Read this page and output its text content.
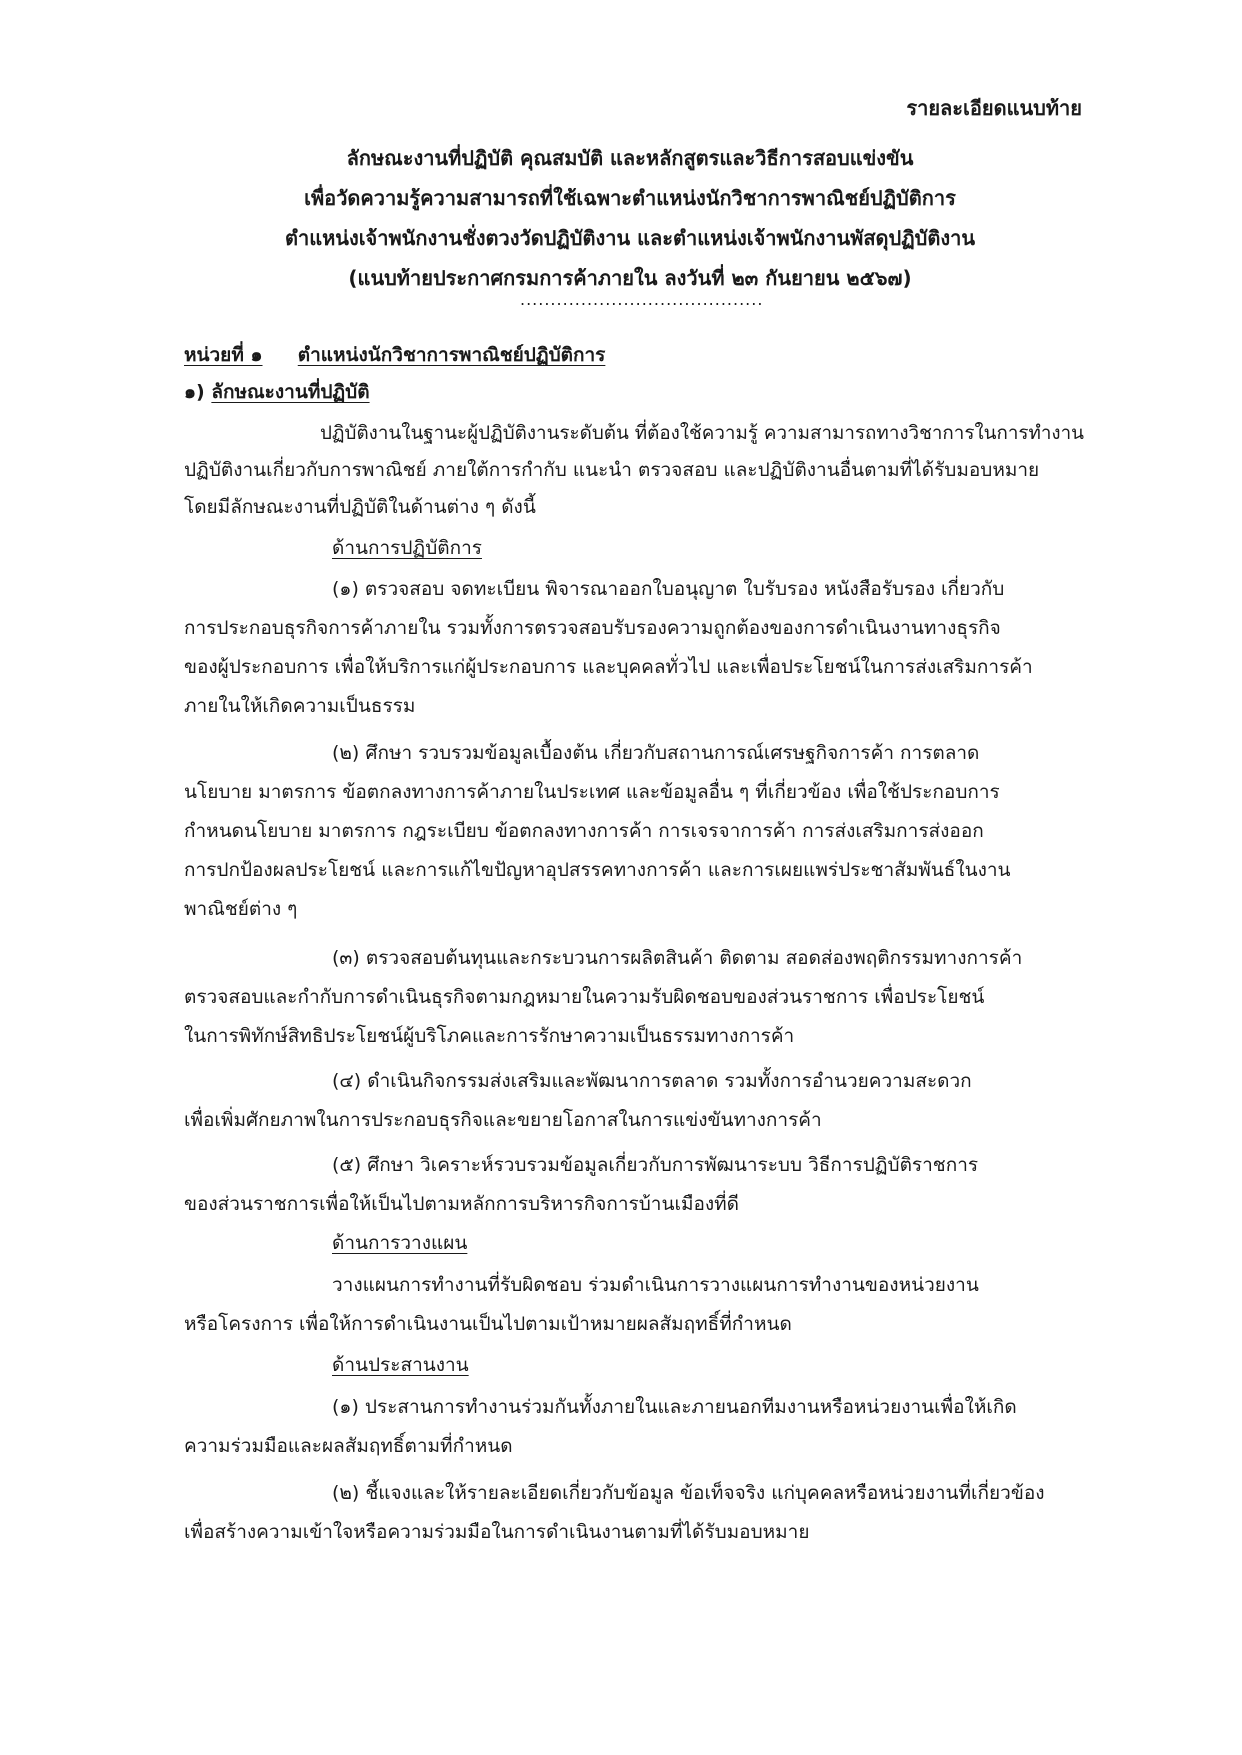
รายละเอียดแนบท้าย
ลักษณะงานที่ปฏิบัติ คุณสมบัติ และหลักสูตรและวิธีการสอบแข่งขัน
เพื่อวัดความรู้ความสามารถที่ใช้เฉพาะตำแหน่งนักวิชาการพาณิชย์ปฏิบัติการ
ตำแหน่งเจ้าพนักงานชั่งตวงวัดปฏิบัติงาน และตำแหน่งเจ้าพนักงานพัสดุปฏิบัติงาน
(แนบท้ายประกาศกรมการค้าภายใน ลงวันที่ ๒๓ กันยายน ๒๕๖๗)
........................................
หน่วยที่ ๑ ตำแหน่งนักวิชาการพาณิชย์ปฏิบัติการ
๑) ลักษณะงานที่ปฏิบัติ
ปฏิบัติงานในฐานะผู้ปฏิบัติงานระดับต้น ที่ต้องใช้ความรู้ ความสามารถทางวิชาการในการทำงาน
ปฏิบัติงานเกี่ยวกับการพาณิชย์ ภายใต้การกำกับ แนะนำ ตรวจสอบ และปฏิบัติงานอื่นตามที่ได้รับมอบหมาย
โดยมีลักษณะงานที่ปฏิบัติในด้านต่าง ๆ ดังนี้
ด้านการปฏิบัติการ
(๑) ตรวจสอบ จดทะเบียน พิจารณาออกใบอนุญาต ใบรับรอง หนังสือรับรอง เกี่ยวกับ
การประกอบธุรกิจการค้าภายใน รวมทั้งการตรวจสอบรับรองความถูกต้องของการดำเนินงานทางธุรกิจ
ของผู้ประกอบการ เพื่อให้บริการแก่ผู้ประกอบการ และบุคคลทั่วไป และเพื่อประโยชน์ในการส่งเสริมการค้า
ภายในให้เกิดความเป็นธรรม
(๒) ศึกษา รวบรวมข้อมูลเบื้องต้น เกี่ยวกับสถานการณ์เศรษฐกิจการค้า การตลาด
นโยบาย มาตรการ ข้อตกลงทางการค้าภายในประเทศ และข้อมูลอื่น ๆ ที่เกี่ยวข้อง เพื่อใช้ประกอบการ
กำหนดนโยบาย มาตรการ กฎระเบียบ ข้อตกลงทางการค้า การเจรจาการค้า การส่งเสริมการส่งออก
การปกป้องผลประโยชน์ และการแก้ไขปัญหาอุปสรรคทางการค้า และการเผยแพร่ประชาสัมพันธ์ในงาน
พาณิชย์ต่าง ๆ
(๓) ตรวจสอบต้นทุนและกระบวนการผลิตสินค้า ติดตาม สอดส่องพฤติกรรมทางการค้า
ตรวจสอบและกำกับการดำเนินธุรกิจตามกฎหมายในความรับผิดชอบของส่วนราชการ เพื่อประโยชน์
ในการพิทักษ์สิทธิประโยชน์ผู้บริโภคและการรักษาความเป็นธรรมทางการค้า
(๔) ดำเนินกิจกรรมส่งเสริมและพัฒนาการตลาด รวมทั้งการอำนวยความสะดวก
เพื่อเพิ่มศักยภาพในการประกอบธุรกิจและขยายโอกาสในการแข่งขันทางการค้า
(๕) ศึกษา วิเคราะห์รวบรวมข้อมูลเกี่ยวกับการพัฒนาระบบ วิธีการปฏิบัติราชการ
ของส่วนราชการเพื่อให้เป็นไปตามหลักการบริหารกิจการบ้านเมืองที่ดี
ด้านการวางแผน
วางแผนการทำงานที่รับผิดชอบ ร่วมดำเนินการวางแผนการทำงานของหน่วยงาน
หรือโครงการ เพื่อให้การดำเนินงานเป็นไปตามเป้าหมายผลสัมฤทธิ์ที่กำหนด
ด้านประสานงาน
(๑) ประสานการทำงานร่วมกันทั้งภายในและภายนอกทีมงานหรือหน่วยงานเพื่อให้เกิด
ความร่วมมือและผลสัมฤทธิ์ตามที่กำหนด
(๒) ชี้แจงและให้รายละเอียดเกี่ยวกับข้อมูล ข้อเท็จจริง แก่บุคคลหรือหน่วยงานที่เกี่ยวข้อง
เพื่อสร้างความเข้าใจหรือความร่วมมือในการดำเนินงานตามที่ได้รับมอบหมาย
